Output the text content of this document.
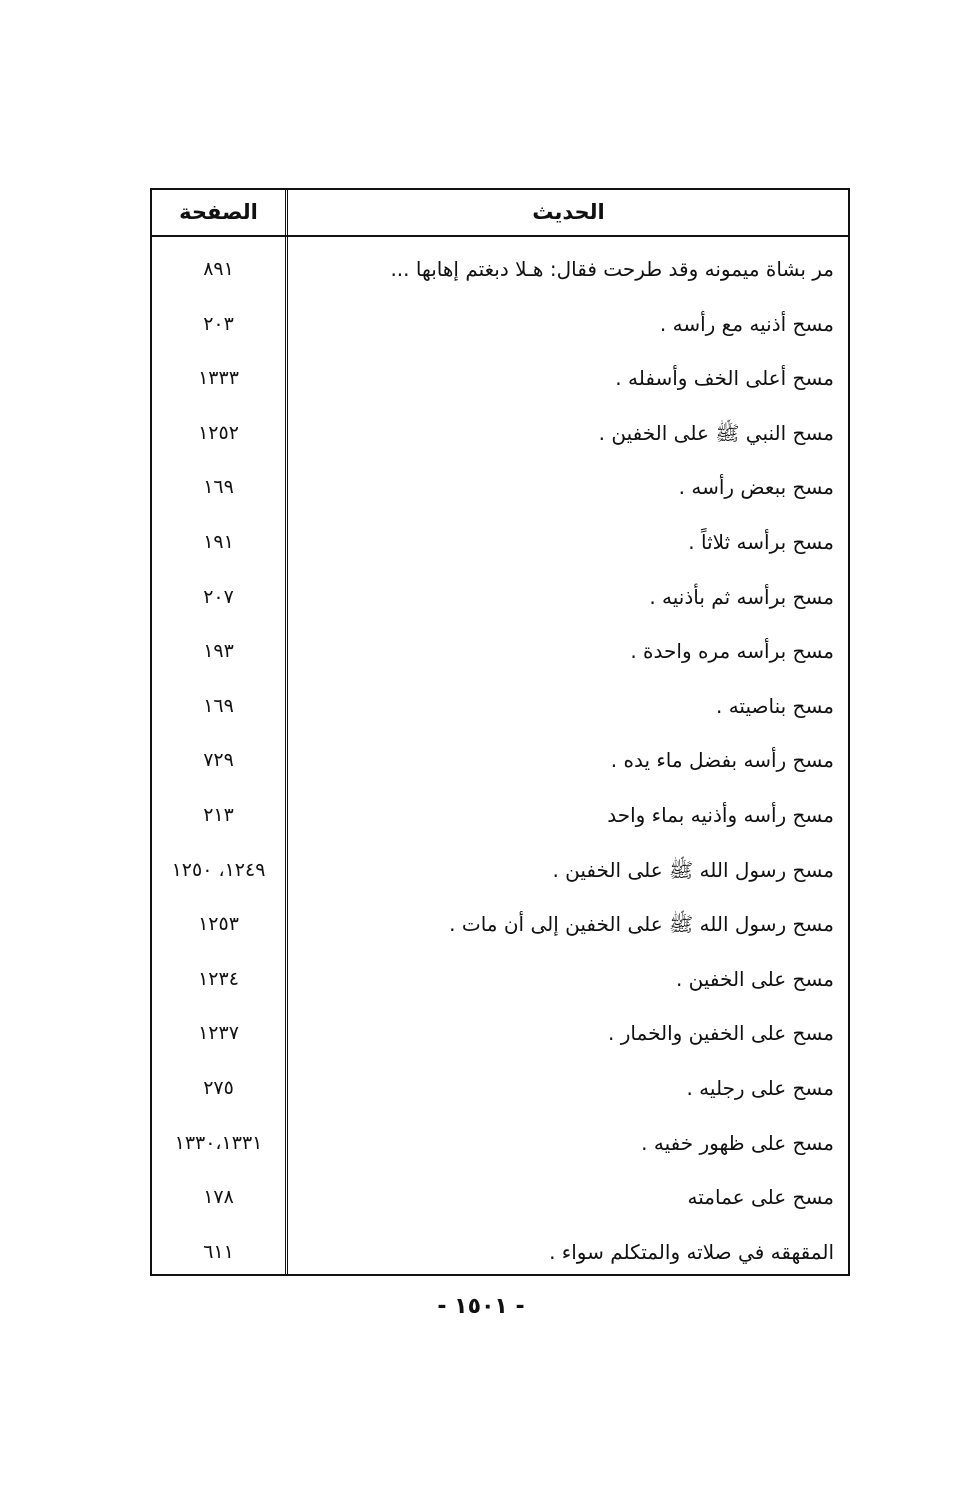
الحديث
الصفحة
مر بشاة ميمونه وقد طرحت فقال: هـلا دبغتم إهابها ...
٨٩١
مسح أذنيه مع رأسه .
٢٠٣
مسح أعلى الخف وأسفله .
١٣٣٣
مسح النبي ﷺ على الخفين .
١٢٥٢
مسح ببعض رأسه .
١٦٩
مسح برأسه ثلاثاً .
١٩١
مسح برأسه ثم بأذنيه .
٢٠٧
مسح برأسه مره واحدة .
١٩٣
مسح بناصيته .
١٦٩
مسح رأسه بفضل ماء يده .
٧٢٩
مسح رأسه وأذنيه بماء واحد
٢١٣
مسح رسول الله ﷺ على الخفين .
١٢٤٩، ١٢٥٠
مسح رسول الله ﷺ على الخفين إلى أن مات .
١٢٥٣
مسح على الخفين .
١٢٣٤
مسح على الخفين والخمار .
١٢٣٧
مسح على رجليه .
٢٧٥
مسح على ظهور خفيه .
١٣٣٠،١٣٣١
مسح على عمامته
١٧٨
المقهقه في صلاته والمتكلم سواء .
٦١١
- ١٥٠١ -
